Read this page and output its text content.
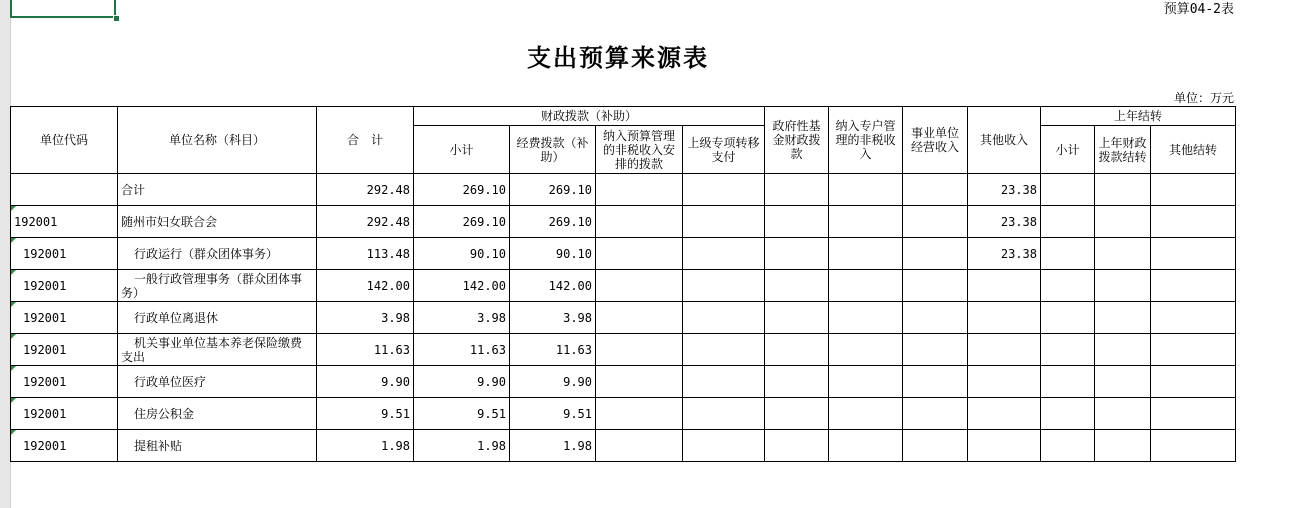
预算04-2表
支出预算来源表
单位：万元
单位代码	单位名称（科目）	合　计	财政拨款（补助）				政府性基金财政拨款	纳入专户管理的非税收入	事业单位经营收入	其他收入	上年结转		
			小计	经费拨款（补助）	纳入预算管理的非税收入安排的拨款	上级专项转移支付					小计	上年财政拨款结转	其他结转
	合计	292.48	269.10	269.10						23.38			
192001	随州市妇女联合会	292.48	269.10	269.10						23.38			
192001	行政运行（群众团体事务）	113.48	90.10	90.10						23.38			
192001	一般行政管理事务（群众团体事务）	142.00	142.00	142.00									
192001	行政单位离退休	3.98	3.98	3.98									
192001	机关事业单位基本养老保险缴费支出	11.63	11.63	11.63									
192001	行政单位医疗	9.90	9.90	9.90									
192001	住房公积金	9.51	9.51	9.51									
192001	提租补贴	1.98	1.98	1.98									
